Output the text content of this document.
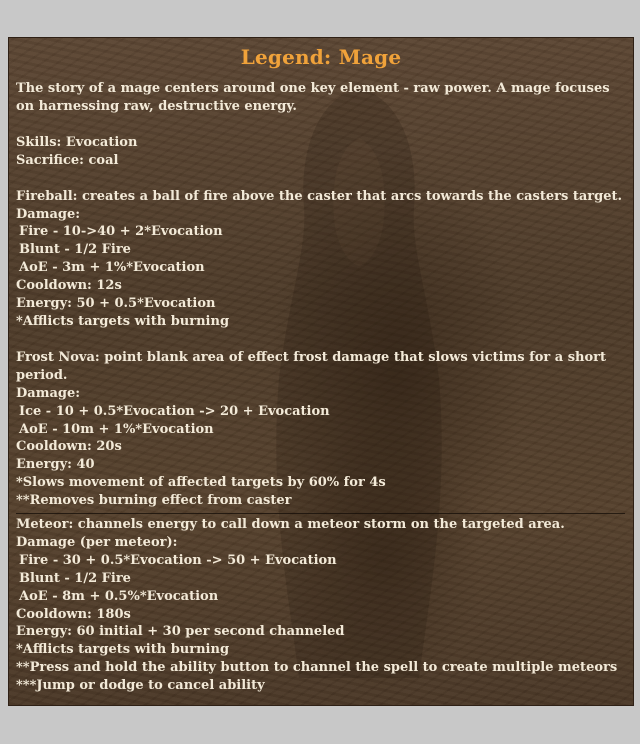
Legend: Mage

The story of a mage centers around one key element - raw power. A mage focuses on harnessing raw, destructive energy.

Skills: Evocation

Sacrifice: coal

Fireball: creates a ball of fire above the caster that arcs towards the casters target.

Damage:

Fire - 10->40 + 2*Evocation

Blunt - 1/2 Fire

AoE - 3m + 1%*Evocation

Cooldown: 12s

Energy: 50 + 0.5*Evocation

*Afflicts targets with burning

Frost Nova: point blank area of effect frost damage that slows victims for a short period.

Damage:

Ice - 10 + 0.5*Evocation -> 20 + Evocation

AoE - 10m + 1%*Evocation

Cooldown: 20s

Energy: 40

*Slows movement of affected targets by 60% for 4s

**Removes burning effect from caster

Meteor: channels energy to call down a meteor storm on the targeted area.

Damage (per meteor):

Fire - 30 + 0.5*Evocation -> 50 + Evocation

Blunt - 1/2 Fire

AoE - 8m + 0.5%*Evocation

Cooldown: 180s

Energy: 60 initial + 30 per second channeled

*Afflicts targets with burning

**Press and hold the ability button to channel the spell to create multiple meteors

***Jump or dodge to cancel ability
